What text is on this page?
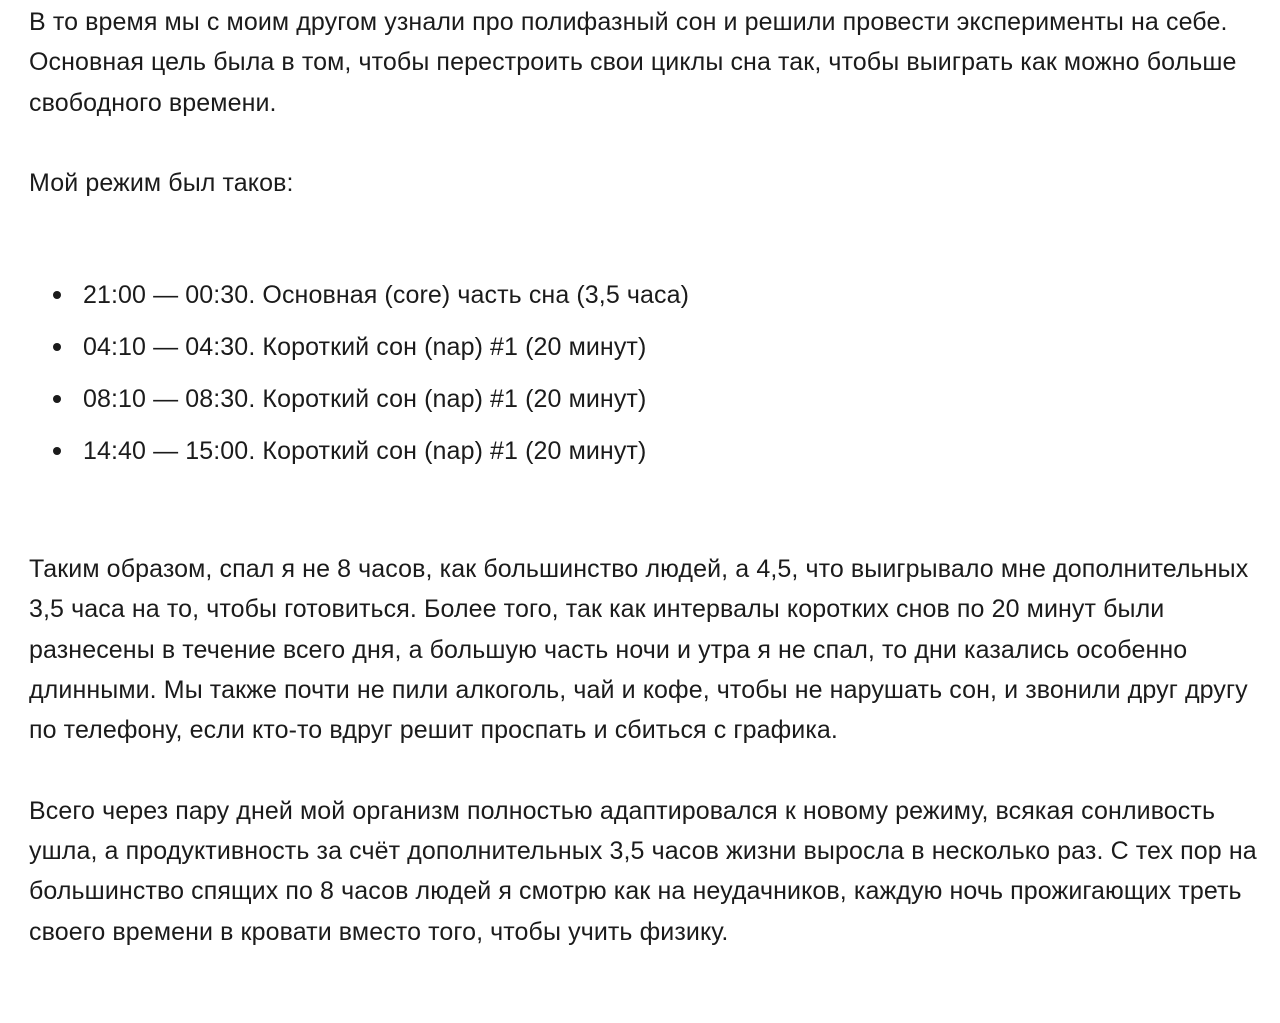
В то время мы с моим другом узнали про полифазный сон и решили провести эксперименты на себе. Основная цель была в том, чтобы перестроить свои циклы сна так, чтобы выиграть как можно больше свободного времени.

Мой режим был таков:

21:00 — 00:30. Основная (core) часть сна (3,5 часа)
04:10 — 04:30. Короткий сон (nap) #1 (20 минут)
08:10 — 08:30. Короткий сон (nap) #1 (20 минут)
14:40 — 15:00. Короткий сон (nap) #1 (20 минут)

Таким образом, спал я не 8 часов, как большинство людей, а 4,5, что выигрывало мне дополнительных 3,5 часа на то, чтобы готовиться. Более того, так как интервалы коротких снов по 20 минут были разнесены в течение всего дня, а большую часть ночи и утра я не спал, то дни казались особенно длинными. Мы также почти не пили алкоголь, чай и кофе, чтобы не нарушать сон, и звонили друг другу по телефону, если кто-то вдруг решит проспать и сбиться с графика.

Всего через пару дней мой организм полностью адаптировался к новому режиму, всякая сонливость ушла, а продуктивность за счёт дополнительных 3,5 часов жизни выросла в несколько раз. С тех пор на большинство спящих по 8 часов людей я смотрю как на неудачников, каждую ночь прожигающих треть своего времени в кровати вместо того, чтобы учить физику.
